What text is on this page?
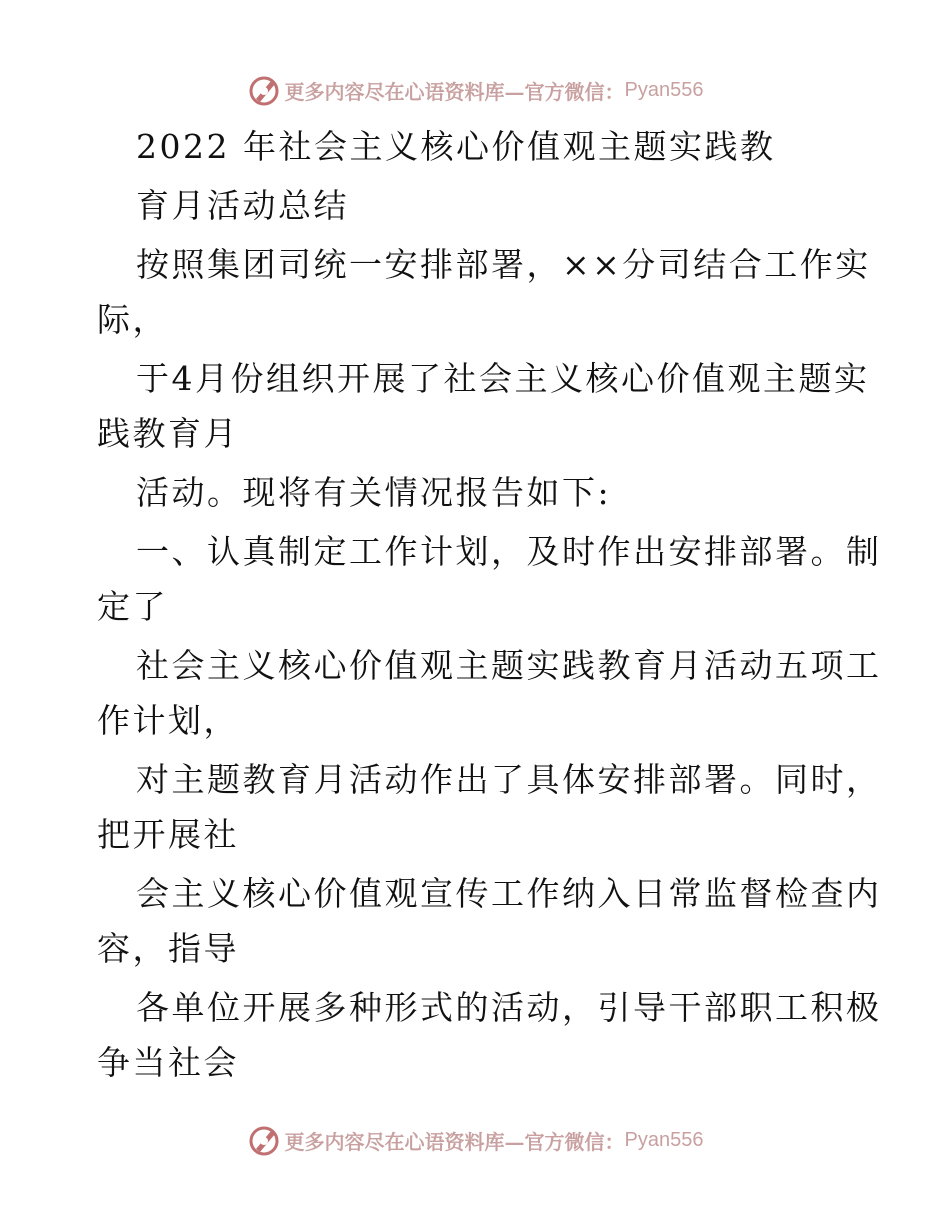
更多内容尽在心语资料库—官方微信： Pyan556
2022 年社会主义核心价值观主题实践教
育月活动总结
按照集团司统一安排部署，××分司结合工作实
际，
于4月份组织开展了社会主义核心价值观主题实
践教育月
活动。现将有关情况报告如下:
一、认真制定工作计划，及时作出安排部署。制
定了
社会主义核心价值观主题实践教育月活动五项工
作计划，
对主题教育月活动作出了具体安排部署。同时，
把开展社
会主义核心价值观宣传工作纳入日常监督检查内
容，指导
各单位开展多种形式的活动，引导干部职工积极
争当社会
更多内容尽在心语资料库—官方微信： Pyan556
